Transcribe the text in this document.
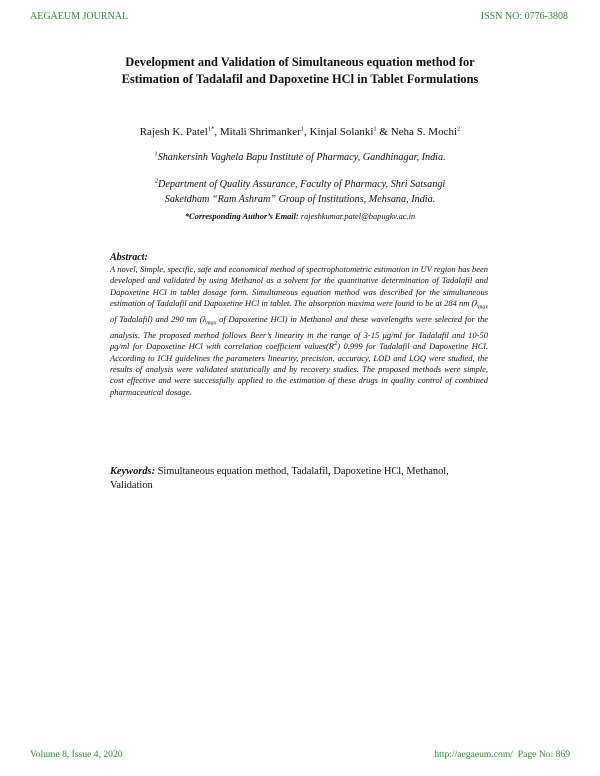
AEGAEUM JOURNAL	ISSN NO: 0776-3808
Development and Validation of Simultaneous equation method for Estimation of Tadalafil and Dapoxetine HCl in Tablet Formulations
Rajesh K. Patel$^{1*}$, Mitali Shrimanker$^1$, Kinjal Solanki$^1$ & Neha S. Mochi$^2$
$^1$Shankersinh Vaghela Bapu Institute of Pharmacy, Gandhinagar, India.
$^2$Department of Quality Assurance, Faculty of Pharmacy, Shri Satsangi
Saketdham “Ram Ashram” Group of Institutions, Mehsana, India.
*Corresponding Author’s Email: rajeshkumar.patel@bapugkv.ac.in
Abstract:
A novel, Simple, specific, safe and economical method of spectrophotometric estimation in UV region has been developed and validated by using Methanol as a solvent for the quantitative determination of Tadalafil and Dapoxetine HCl in tablet dosage form. Simultaneous equation method was described for the simultaneous estimation of Tadalafil and Dapoxetine HCl in tablet. The absorption maxima were found to be at 284 nm ($\lambda_{max}$ of Tadalafil) and 290 nm ($\lambda_{max}$ of Dapoxetine HCl) in Methanol and these wavelengths were selected for the analysis. The proposed method follows Beer’s linearity in the range of 3-15 μg/ml for Tadalafil and 10-50 μg/ml for Dapoxetine HCl with correlation coefficient $values(R^2)$ 0.999 for Tadalafil and Dapoxetine HCl. According to ICH guidelines the parameters linearity, precision, accuracy, LOD and LOQ were studied, the results of analysis were validated statistically and by recovery studies. The proposed methods were simple, cost effective and were successfully applied to the estimation of these drugs in quality control of combined pharmaceutical dosage.
Keywords: Simultaneous equation method, Tadalafil, Dapoxetine HCl, Methanol, Validation
Volume 8, Issue 4, 2020	http://aegaeum.com/ Page No: 869
